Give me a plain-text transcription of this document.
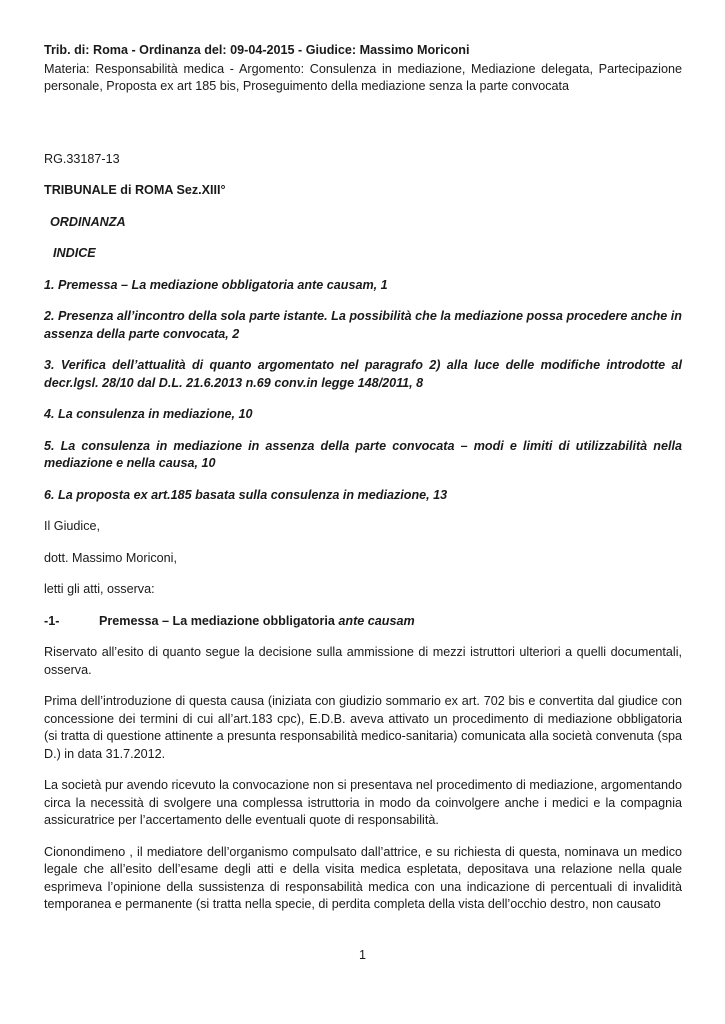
Trib. di: Roma - Ordinanza del: 09-04-2015 - Giudice: Massimo Moriconi

Materia: Responsabilità medica - Argomento: Consulenza in mediazione, Mediazione delegata, Partecipazione personale, Proposta ex art 185 bis, Proseguimento della mediazione senza la parte convocata

RG.33187-13

TRIBUNALE di ROMA Sez.XIII°

ORDINANZA

INDICE

1. Premessa – La mediazione obbligatoria ante causam, 1

2. Presenza all’incontro della sola parte istante. La possibilità che la mediazione possa procedere anche in assenza della parte convocata, 2

3. Verifica dell’attualità di quanto argomentato nel paragrafo 2) alla luce delle modifiche introdotte al decr.lgsl. 28/10 dal D.L. 21.6.2013 n.69 conv.in legge 148/2011, 8

4. La consulenza in mediazione, 10

5. La consulenza in mediazione in assenza della parte convocata – modi e limiti di utilizzabilità nella mediazione e nella causa, 10

6. La proposta ex art.185 basata sulla consulenza in mediazione, 13

Il Giudice,

dott. Massimo Moriconi,

letti gli atti, osserva:

-1-	Premessa – La mediazione obbligatoria ante causam

Riservato all’esito di quanto segue la decisione sulla ammissione di mezzi istruttori ulteriori a quelli documentali, osserva.

Prima dell’introduzione di questa causa (iniziata con giudizio sommario ex art. 702 bis e convertita dal giudice con concessione dei termini di cui all’art.183 cpc), E.D.B. aveva attivato un procedimento di mediazione obbligatoria (si tratta di questione attinente a presunta responsabilità medico-sanitaria) comunicata alla società convenuta (spa D.) in data 31.7.2012.

La società pur avendo ricevuto la convocazione non si presentava nel procedimento di mediazione, argomentando circa la necessità di svolgere una complessa istruttoria in modo da coinvolgere anche i medici e la compagnia assicuratrice per l’accertamento delle eventuali quote di responsabilità.

Cionondimeno , il mediatore dell’organismo compulsato dall’attrice, e su richiesta di questa, nominava un medico legale che all’esito dell’esame degli atti e della visita medica espletata, depositava una relazione nella quale esprimeva l’opinione della sussistenza di responsabilità medica con una indicazione di percentuali di invalidità temporanea e permanente (si tratta nella specie, di perdita completa della vista dell’occhio destro, non causato

1
